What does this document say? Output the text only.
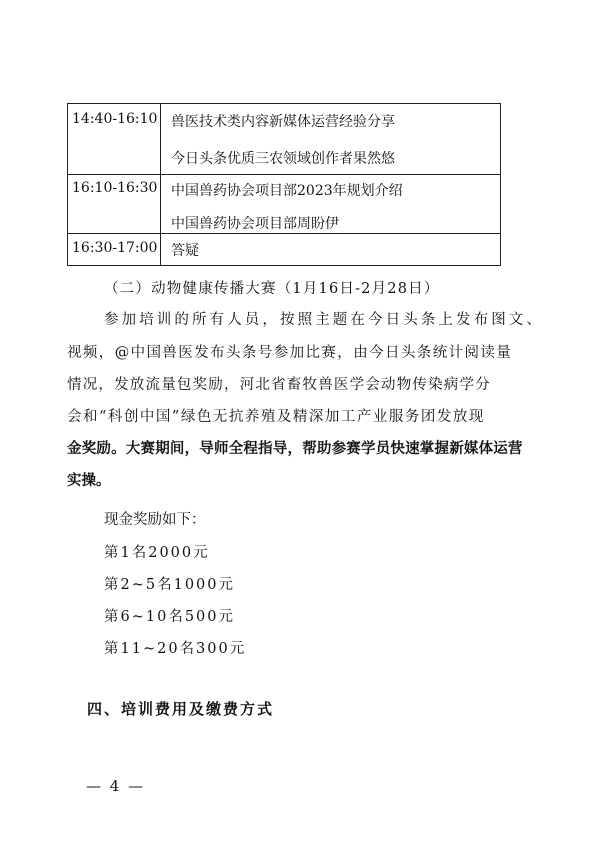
14:40-16:10	兽医技术类内容新媒体运营经验分享
今日头条优质三农领域创作者果然悠

16:10-16:30	中国兽药协会项目部2023年规划介绍
中国兽药协会项目部周盼伊

16:30-17:00	答疑
（二）动物健康传播大赛（1月16日-2月28日）
参加培训的所有人员，按照主题在今日头条上发布图文、
视频，@中国兽医发布头条号参加比赛，由今日头条统计阅读量
情况，发放流量包奖励，河北省畜牧兽医学会动物传染病学分
会和“科创中国”绿色无抗养殖及精深加工产业服务团发放现
金奖励。大赛期间，导师全程指导，帮助参赛学员快速掌握新媒体运营
实操。
现金奖励如下：
第1名2000元
第2~5名1000元
第6~10名500元
第11~20名300元
四、培训费用及缴费方式
— 4 —
